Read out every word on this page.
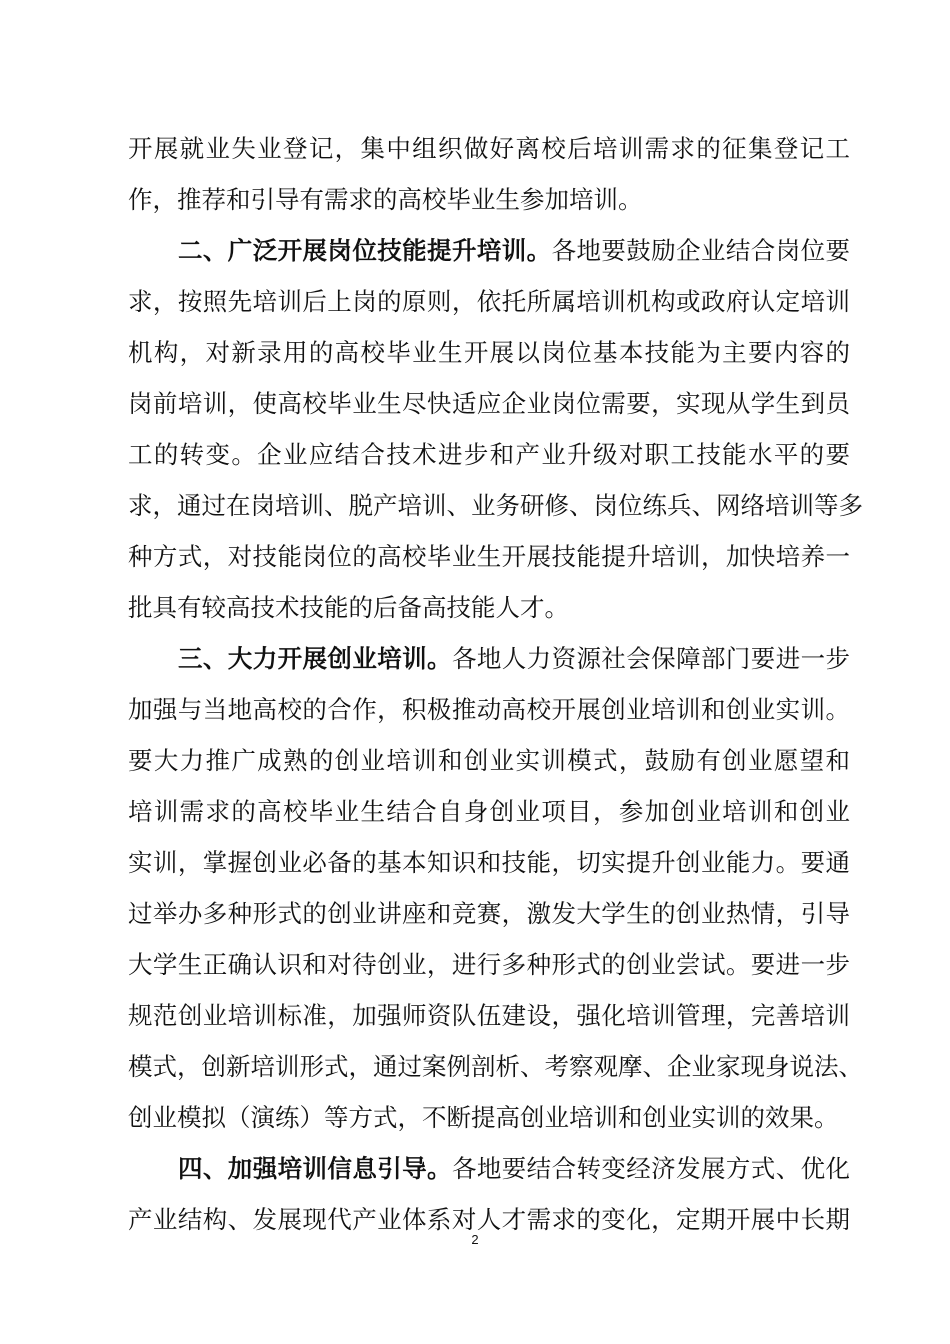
开展就业失业登记，集中组织做好离校后培训需求的征集登记工
作，推荐和引导有需求的高校毕业生参加培训。
二、广泛开展岗位技能提升培训。各地要鼓励企业结合岗位要
求，按照先培训后上岗的原则，依托所属培训机构或政府认定培训
机构，对新录用的高校毕业生开展以岗位基本技能为主要内容的
岗前培训，使高校毕业生尽快适应企业岗位需要，实现从学生到员
工的转变。企业应结合技术进步和产业升级对职工技能水平的要
求，通过在岗培训、脱产培训、业务研修、岗位练兵、网络培训等多
种方式，对技能岗位的高校毕业生开展技能提升培训，加快培养一
批具有较高技术技能的后备高技能人才。
三、大力开展创业培训。各地人力资源社会保障部门要进一步
加强与当地高校的合作，积极推动高校开展创业培训和创业实训。
要大力推广成熟的创业培训和创业实训模式，鼓励有创业愿望和
培训需求的高校毕业生结合自身创业项目，参加创业培训和创业
实训，掌握创业必备的基本知识和技能，切实提升创业能力。要通
过举办多种形式的创业讲座和竞赛，激发大学生的创业热情，引导
大学生正确认识和对待创业，进行多种形式的创业尝试。要进一步
规范创业培训标准，加强师资队伍建设，强化培训管理，完善培训
模式，创新培训形式，通过案例剖析、考察观摩、企业家现身说法、
创业模拟（演练）等方式，不断提高创业培训和创业实训的效果。
四、加强培训信息引导。各地要结合转变经济发展方式、优化
产业结构、发展现代产业体系对人才需求的变化，定期开展中长期
2
